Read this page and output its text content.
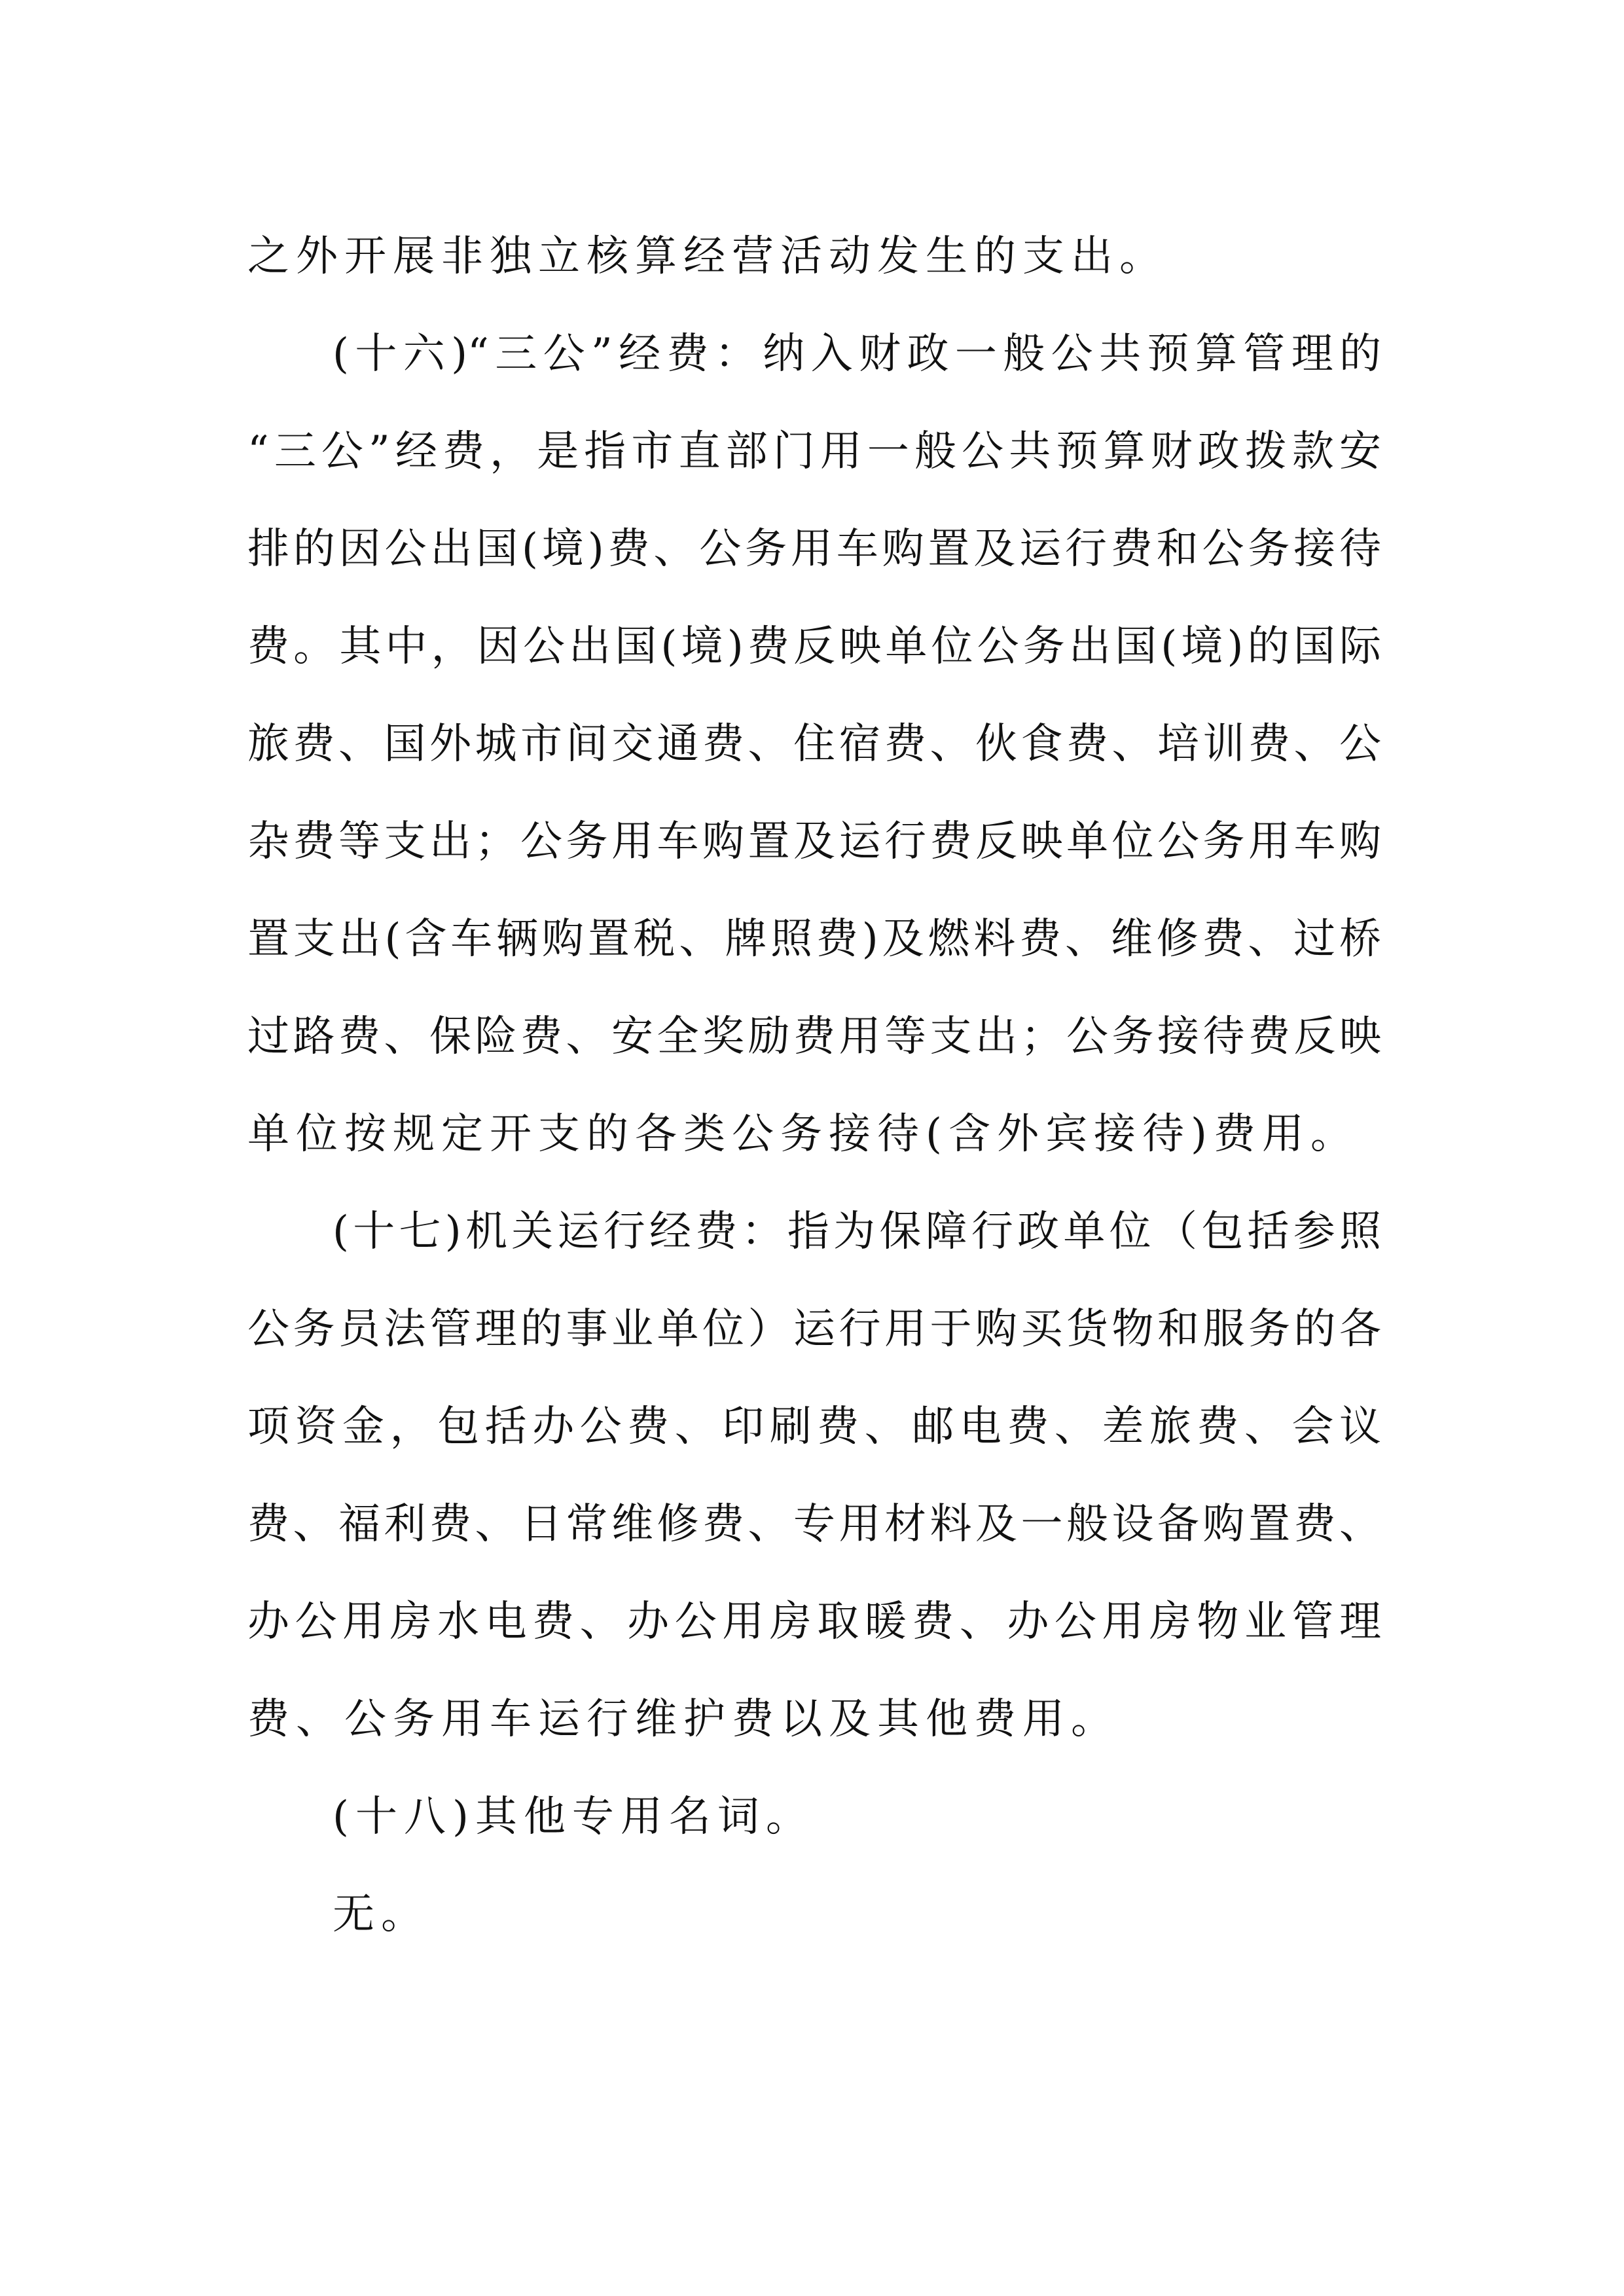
之外开展非独立核算经营活动发生的支出。
(十六)“三公”经费：纳入财政一般公共预算管理的
“三公”经费，是指市直部门用一般公共预算财政拨款安
排的因公出国(境)费、公务用车购置及运行费和公务接待
费。其中，因公出国(境)费反映单位公务出国(境)的国际
旅费、国外城市间交通费、住宿费、伙食费、培训费、公
杂费等支出；公务用车购置及运行费反映单位公务用车购
置支出(含车辆购置税、牌照费)及燃料费、维修费、过桥
过路费、保险费、安全奖励费用等支出；公务接待费反映
单位按规定开支的各类公务接待(含外宾接待)费用。
(十七)机关运行经费：指为保障行政单位（包括参照
公务员法管理的事业单位）运行用于购买货物和服务的各
项资金，包括办公费、印刷费、邮电费、差旅费、会议
费、福利费、日常维修费、专用材料及一般设备购置费、
办公用房水电费、办公用房取暖费、办公用房物业管理
费、公务用车运行维护费以及其他费用。
(十八)其他专用名词。
无。
